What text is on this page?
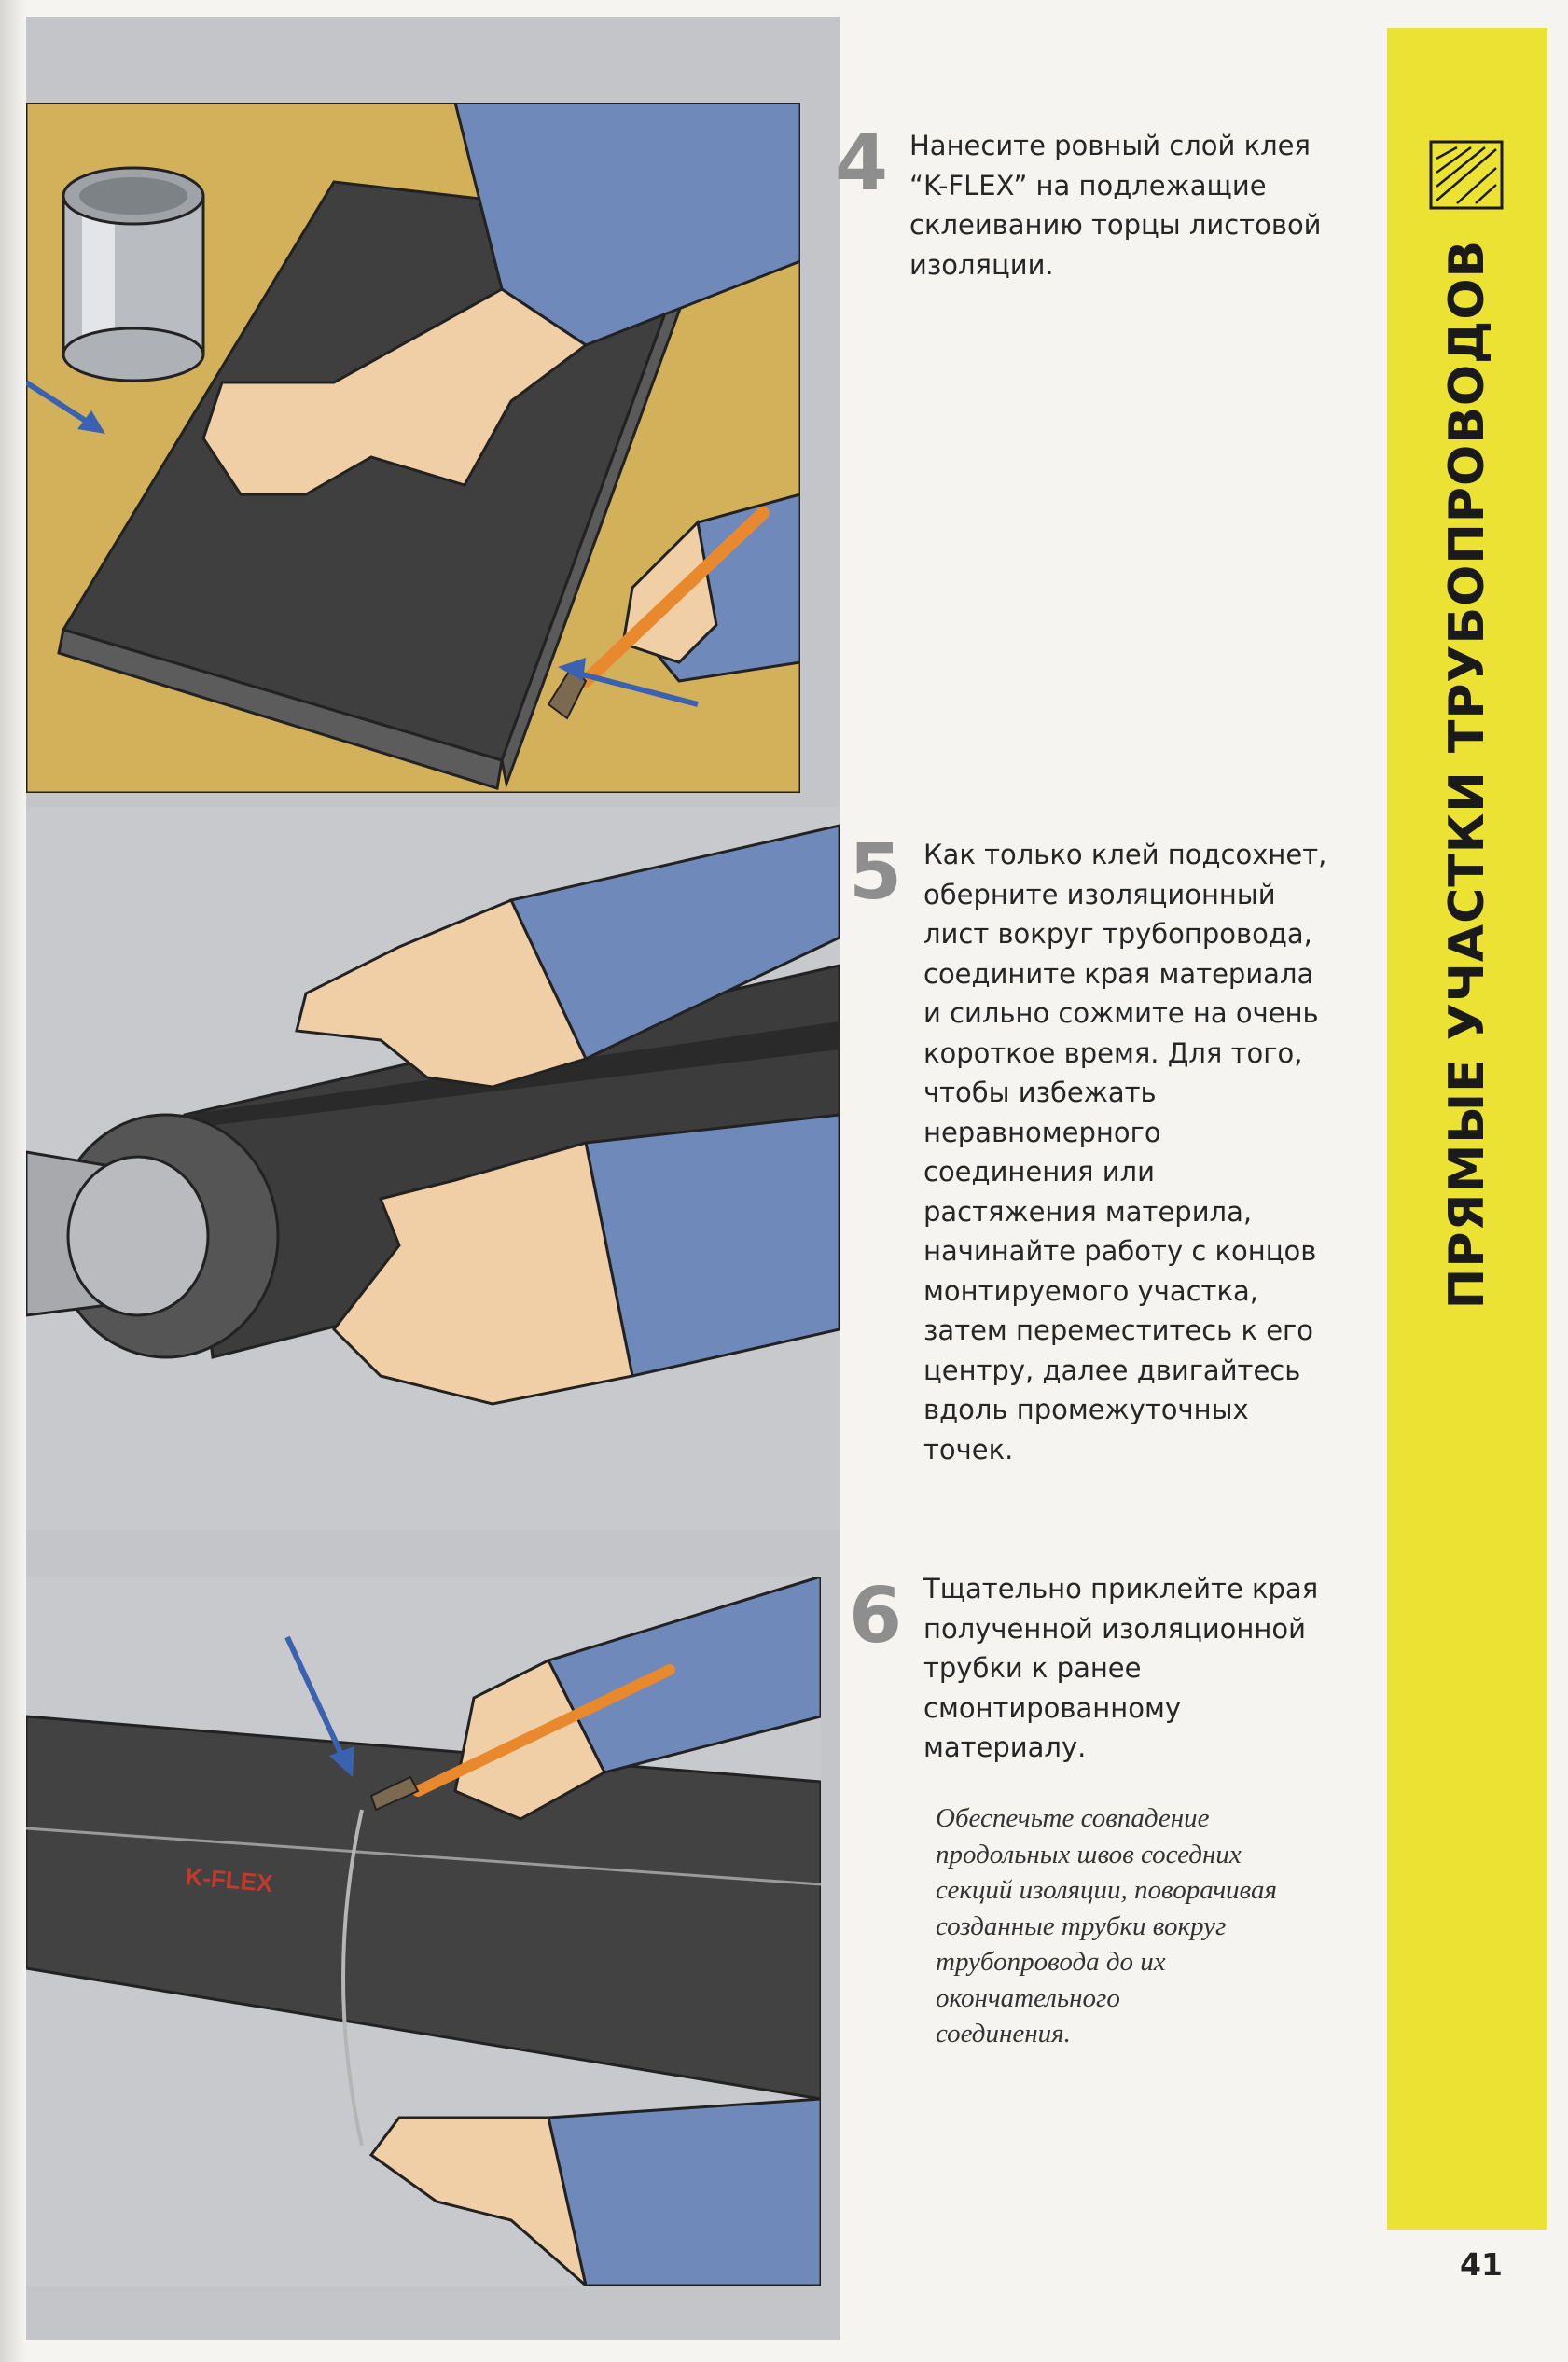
K-FLEX
4 Нанесите ровный слой клея
“K-FLEX” на подлежащие
склеиванию торцы листовой
изоляции.
5 Как только клей подсохнет,
оберните изоляционный
лист вокруг трубопровода,
соедините края материала
и сильно сожмите на очень
короткое время. Для того,
чтобы избежать
неравномерного
соединения или
растяжения материла,
начинайте работу с концов
монтируемого участка,
затем переместитесь к его
центру, далее двигайтесь
вдоль промежуточных
точек.
6 Тщательно приклейте края
полученной изоляционной
трубки к ранее
смонтированному
материалу.
Обеспечьте совпадение
продольных швов соседних
секций изоляции, поворачивая
созданные трубки вокруг
трубопровода до их
окончательного
соединения.
ПРЯМЫЕ УЧАСТКИ ТРУБОПРОВОДОВ
41
